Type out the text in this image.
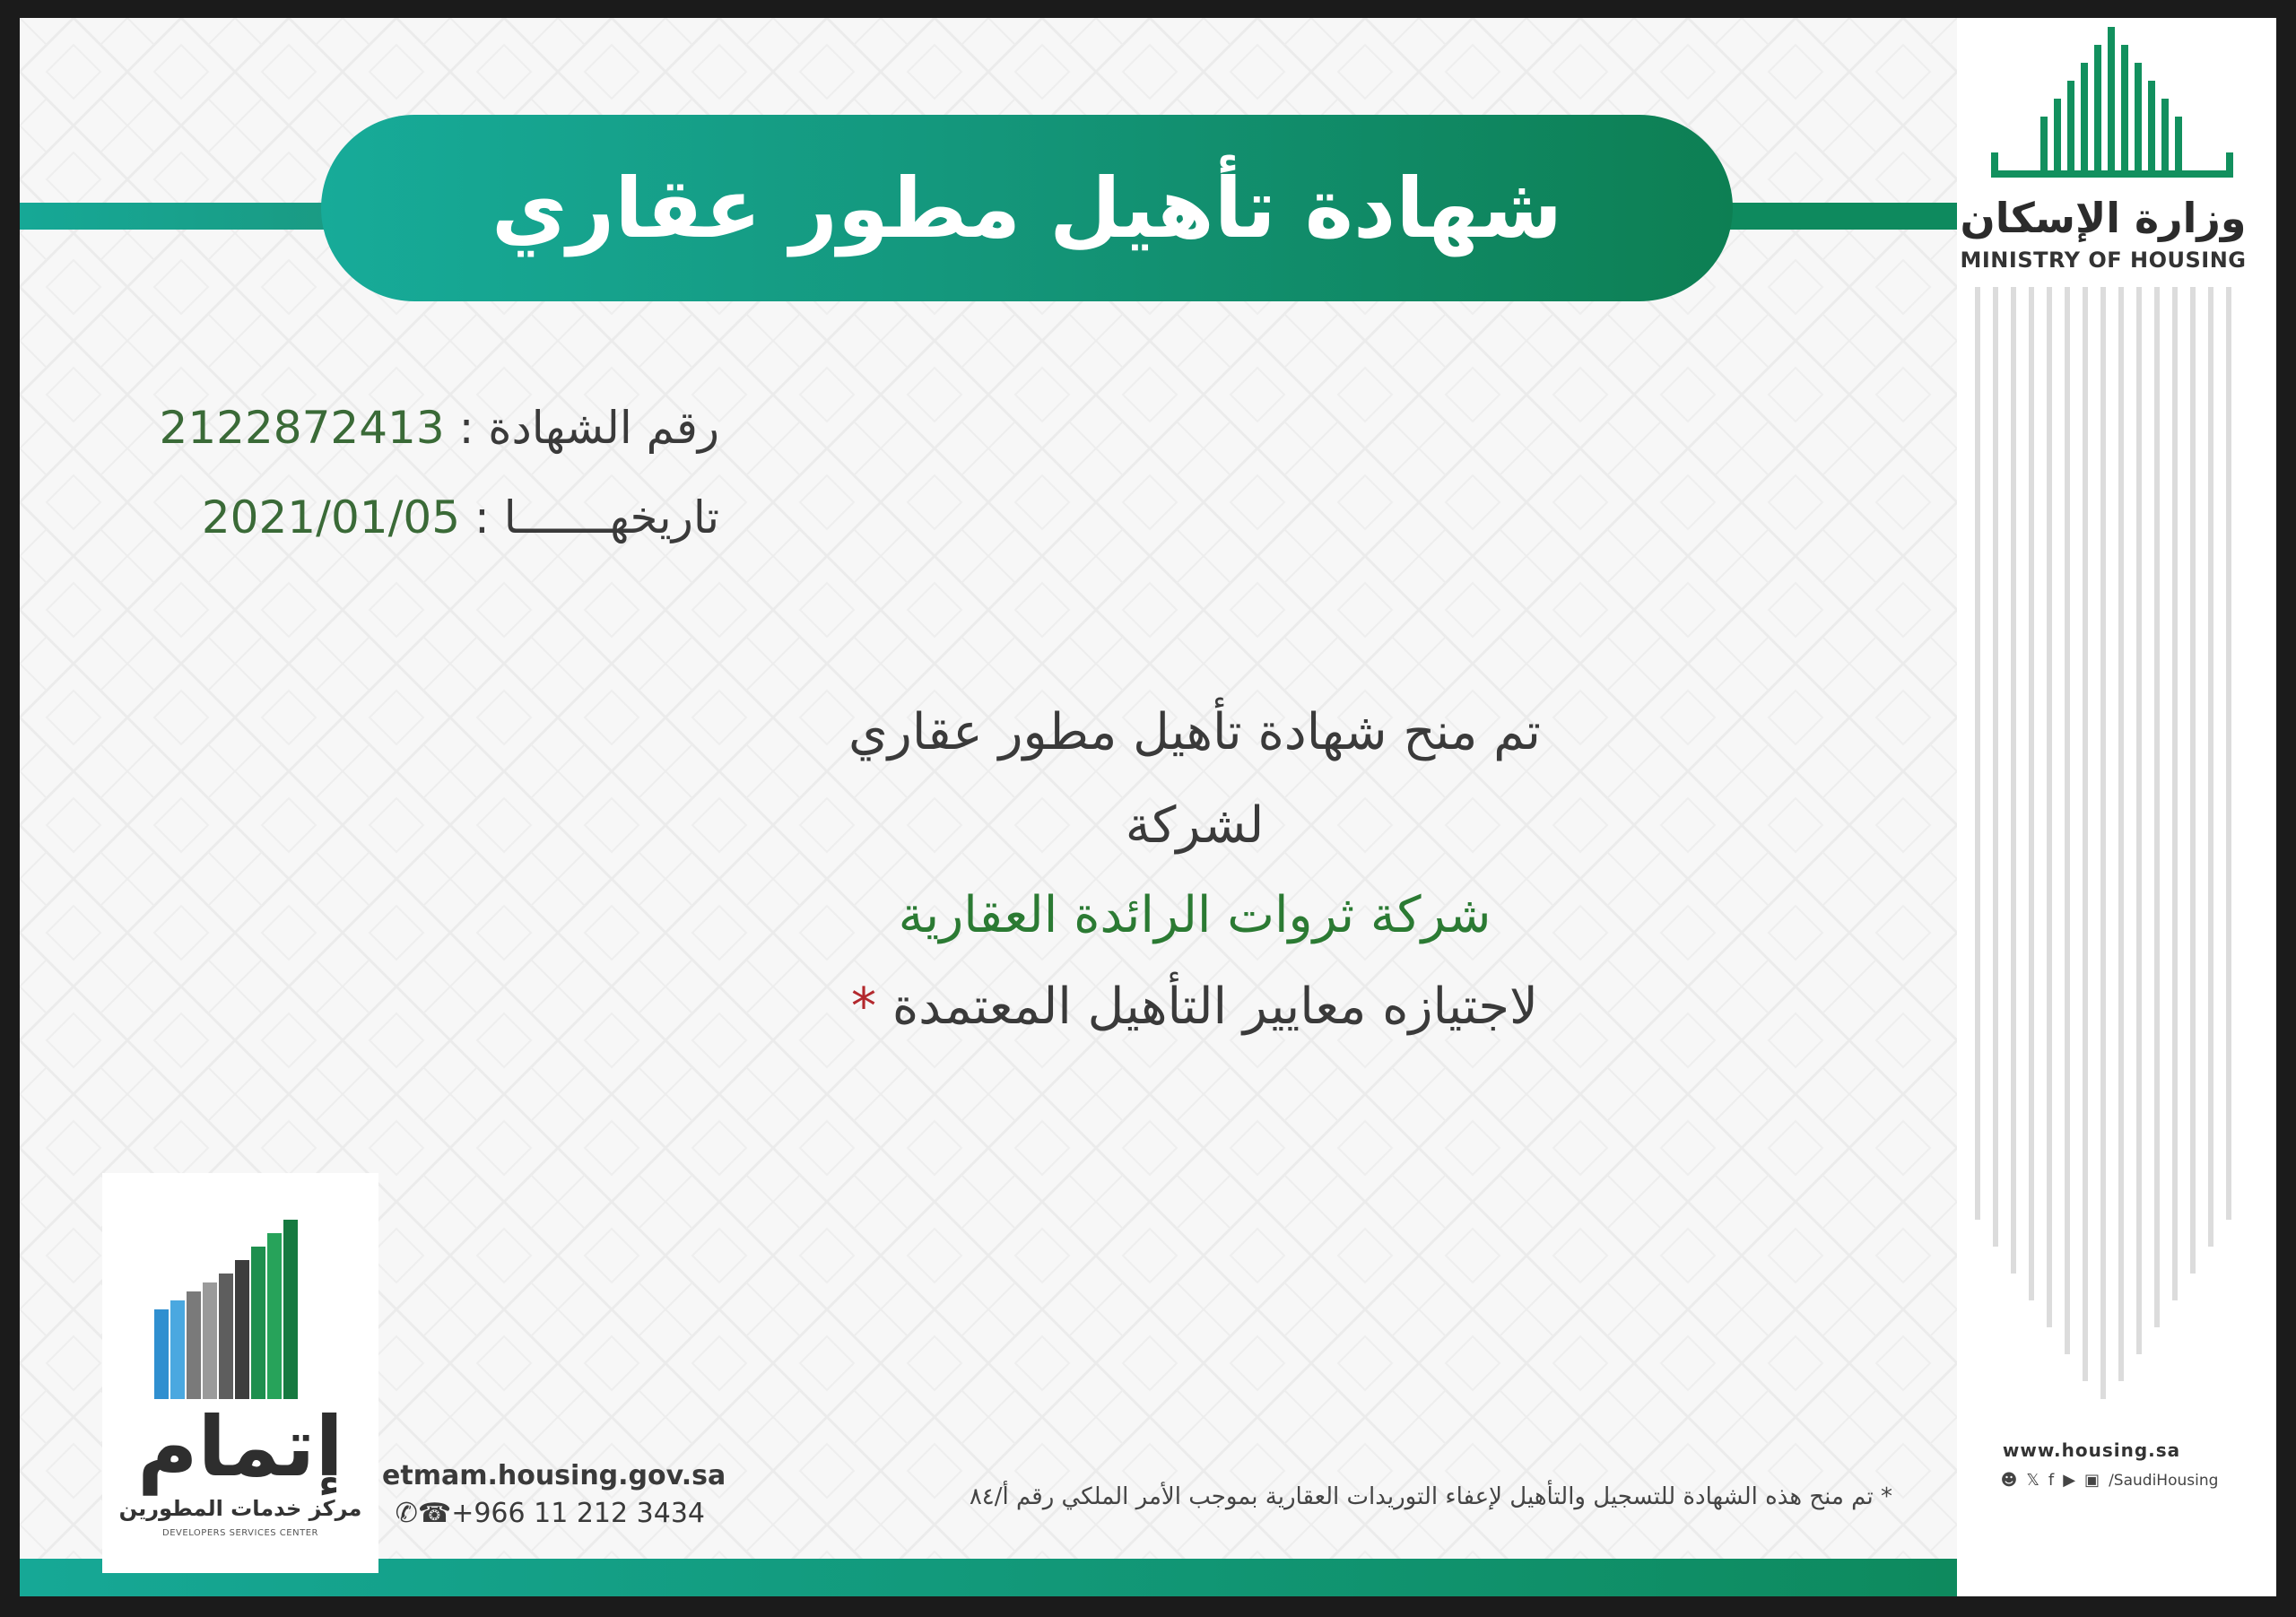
شهادة تأهيل مطور عقاري	وزارة الإسكان
MINISTRY OF HOUSING
www.housing.sa
☻ 𝕏 f ▶ ▣ /SaudiHousing
رقم الشهادة : 2122872413
تاريخهـــــــا : 2021/01/05
تم منح شهادة تأهيل مطور عقاري
لشركة
شركة ثروات الرائدة العقارية
لاجتيازه معايير التأهيل المعتمدة *
إتمام
مركز خدمات المطورين
DEVELOPERS SERVICES CENTER
etmam.housing.gov.sa
✆☎+966 11 212 3434
* تم منح هذه الشهادة للتسجيل والتأهيل لإعفاء التوريدات العقارية بموجب الأمر الملكي رقم أ/٨٤
